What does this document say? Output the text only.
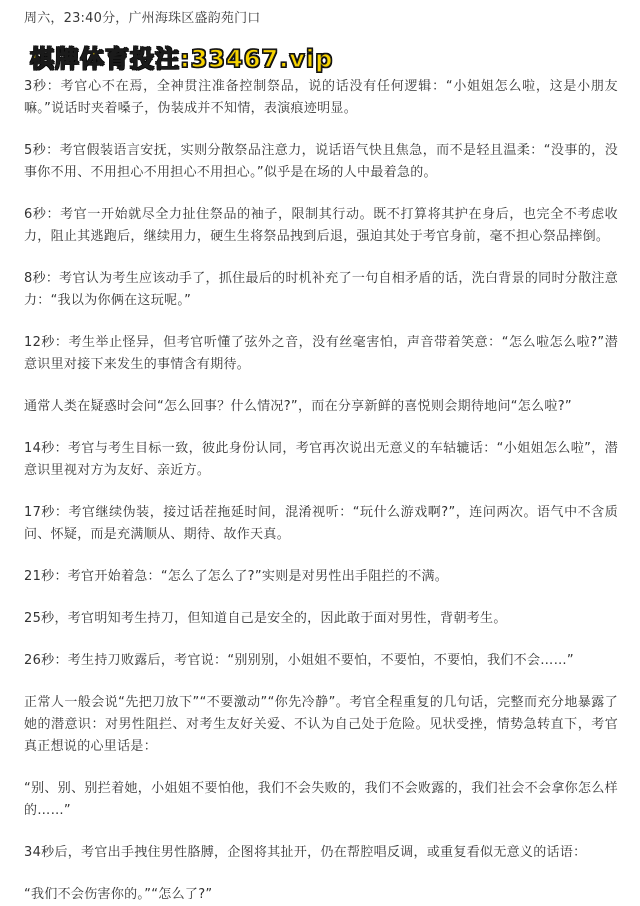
周六，23:40分，广州海珠区盛韵苑门口

3秒：考官心不在焉，全神贯注准备控制祭品，说的话没有任何逻辑：“小姐姐怎么啦，这是小朋友嘛。”说话时夹着嗓子，伪装成并不知情，表演痕迹明显。

5秒：考官假装语言安抚，实则分散祭品注意力，说话语气快且焦急，而不是轻且温柔：“没事的，没事你不用、不用担心不用担心不用担心。”似乎是在场的人中最着急的。

6秒：考官一开始就尽全力扯住祭品的袖子，限制其行动。既不打算将其护在身后，也完全不考虑收力，阻止其逃跑后，继续用力，硬生生将祭品拽到后退，强迫其处于考官身前，毫不担心祭品摔倒。

8秒：考官认为考生应该动手了，抓住最后的时机补充了一句自相矛盾的话，洗白背景的同时分散注意力：“我以为你俩在这玩呢。”

12秒：考生举止怪异，但考官听懂了弦外之音，没有丝毫害怕，声音带着笑意：“怎么啦怎么啦?”潜意识里对接下来发生的事情含有期待。

通常人类在疑惑时会问“怎么回事？什么情况?”，而在分享新鲜的喜悦则会期待地问“怎么啦?”

14秒：考官与考生目标一致，彼此身份认同，考官再次说出无意义的车轱辘话：“小姐姐怎么啦”，潜意识里视对方为友好、亲近方。

17秒：考官继续伪装，接过话茬拖延时间，混淆视听：“玩什么游戏啊?”，连问两次。语气中不含质问、怀疑，而是充满顺从、期待、故作天真。

21秒：考官开始着急：“怎么了怎么了?”实则是对男性出手阻拦的不满。

25秒，考官明知考生持刀，但知道自己是安全的，因此敢于面对男性，背朝考生。

26秒：考生持刀败露后，考官说：“别别别，小姐姐不要怕，不要怕，不要怕，我们不会……”

正常人一般会说“先把刀放下”“不要激动”“你先冷静”。考官全程重复的几句话，完整而充分地暴露了她的潜意识：对男性阻拦、对考生友好关爱、不认为自己处于危险。见状受挫，情势急转直下，考官真正想说的心里话是：

“别、别、别拦着她，小姐姐不要怕他，我们不会失败的，我们不会败露的，我们社会不会拿你怎么样的……”

34秒后，考官出手拽住男性胳膊，企图将其扯开，仍在帮腔唱反调，或重复看似无意义的话语：

“我们不会伤害你的。”“怎么了?”

棋牌体育投注:33467.vip
